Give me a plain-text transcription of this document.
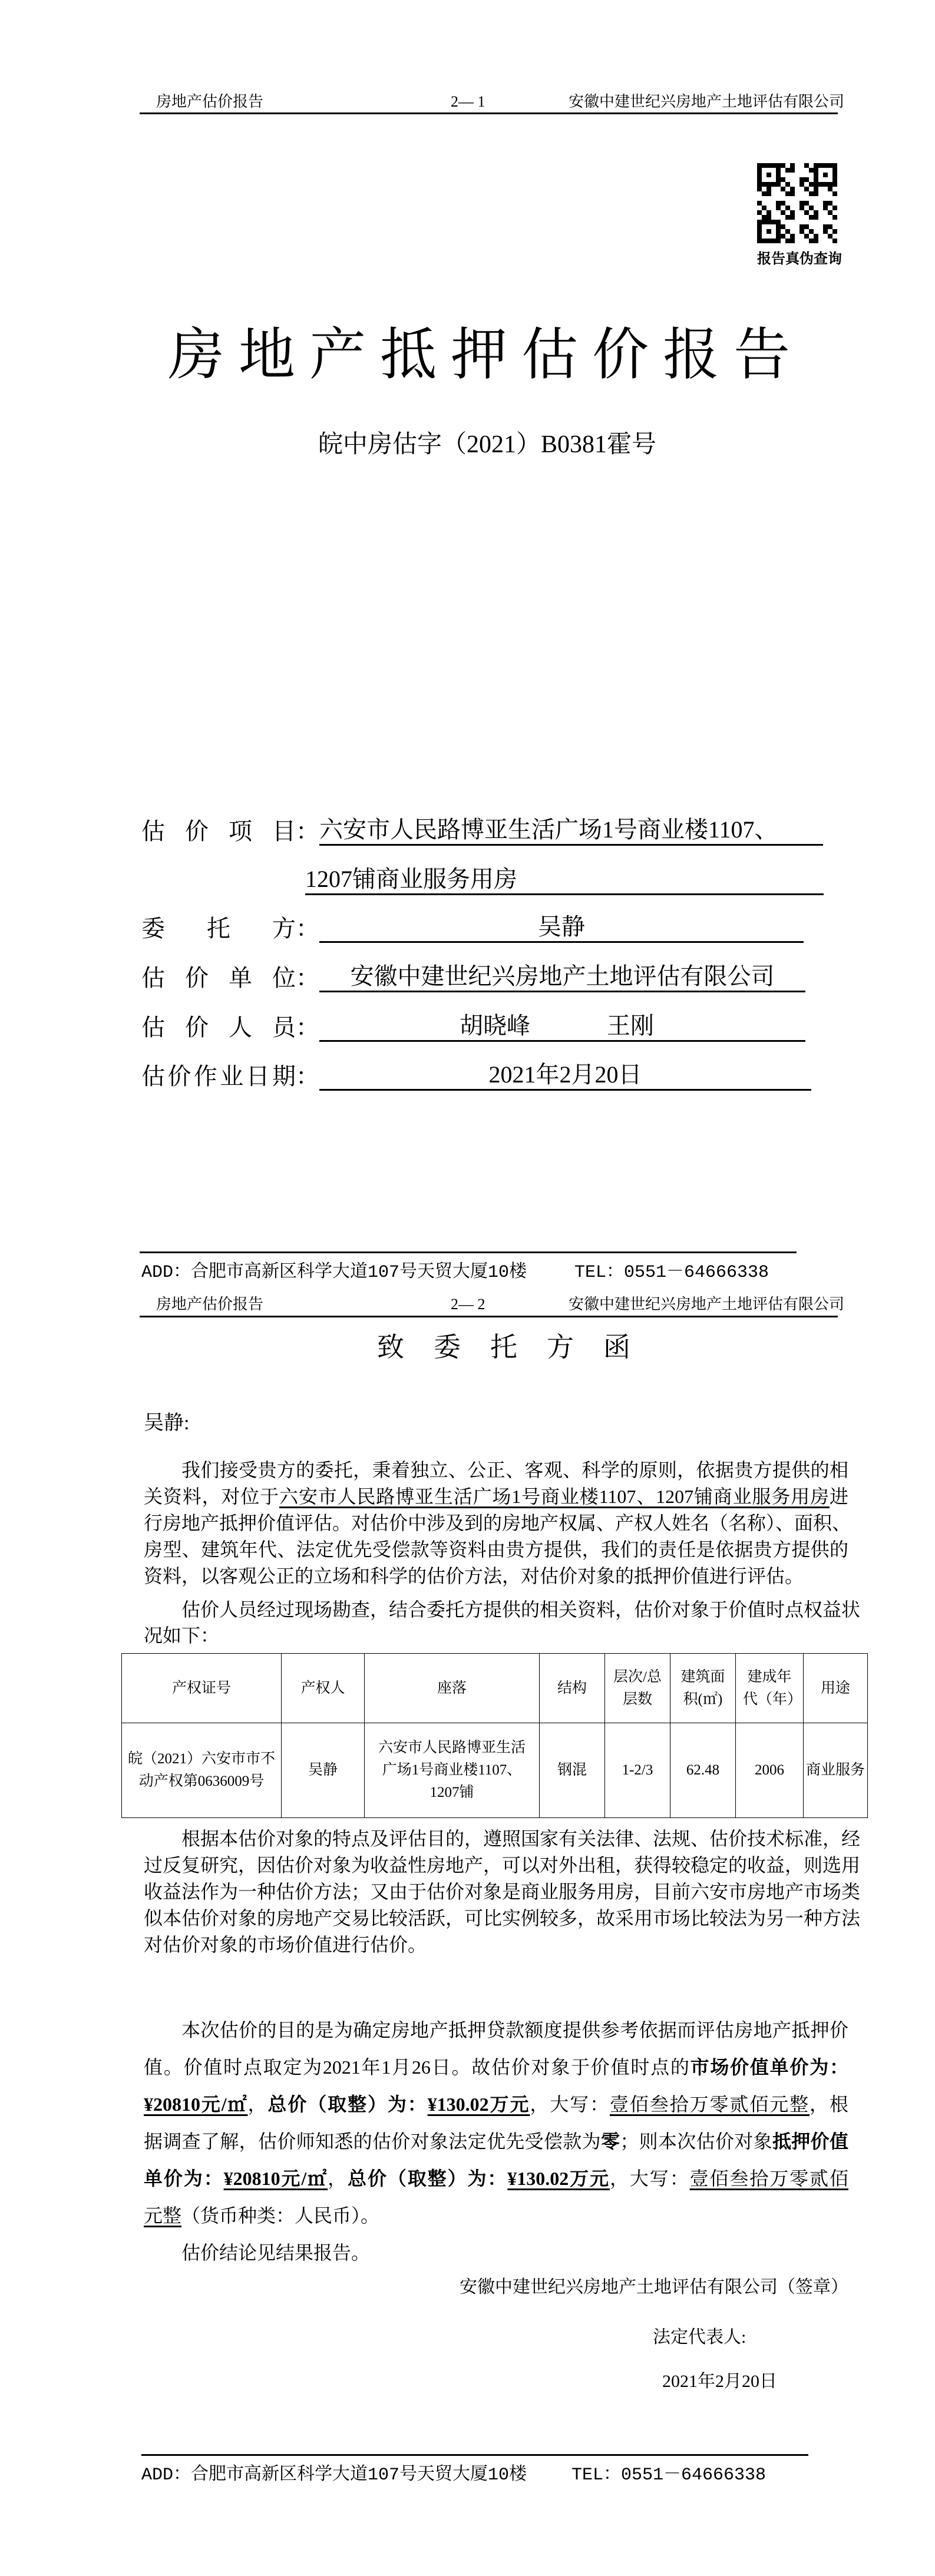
房地产估价报告	2— 1	安徽中建世纪兴房地产土地评估有限公司
报告真伪查询
房地产抵押估价报告
皖中房估字（2021）B0381霍号
估价项目 ： 六安市人民路博亚生活广场1号商业楼1107、
1207铺商业服务用房
委托方 ：	吴静
估价单位 ：	安徽中建世纪兴房地产土地评估有限公司
估价人员 ：	胡晓峰	王刚
估价作业日期 ：	2021年2月20日
ADD：合肥市高新区科学大道107号天贸大厦10楼	TEL：0551－64666338
房地产估价报告	2— 2	安徽中建世纪兴房地产土地评估有限公司
致委托方函
吴静:
我们接受贵方的委托，秉着独立、公正、客观、科学的原则，依据贵方提供的相
关资料，对位于六安市人民路博亚生活广场1号商业楼1107、1207铺商业服务用房进
行房地产抵押价值评估。对估价中涉及到的房地产权属、产权人姓名（名称）、面积、
房型、建筑年代、法定优先受偿款等资料由贵方提供，我们的责任是依据贵方提供的
资料，以客观公正的立场和科学的估价方法，对估价对象的抵押价值进行评估。
估价人员经过现场勘查，结合委托方提供的相关资料，估价对象于价值时点权益状
况如下：
产权证号	产权人	座落	结构	层次/总层数	建筑面积(㎡)	建成年代（年）	用途
皖（2021）六安市市不动产权第0636009号	吴静	六安市人民路博亚生活广场1号商业楼1107、1207铺	钢混	1-2/3	62.48	2006	商业服务
根据本估价对象的特点及评估目的，遵照国家有关法律、法规、估价技术标准，经
过反复研究，因估价对象为收益性房地产，可以对外出租，获得较稳定的收益，则选用
收益法作为一种估价方法；又由于估价对象是商业服务用房，目前六安市房地产市场类
似本估价对象的房地产交易比较活跃，可比实例较多，故采用市场比较法为另一种方法
对估价对象的市场价值进行估价。
本次估价的目的是为确定房地产抵押贷款额度提供参考依据而评估房地产抵押价
值。价值时点取定为2021年1月26日。故估价对象于价值时点的市场价值单价为：
¥20810元/㎡，总价（取整）为：¥130.02万元，大写：壹佰叁拾万零贰佰元整，根
据调查了解，估价师知悉的估价对象法定优先受偿款为零；则本次估价对象抵押价值
单价为：¥20810元/㎡，总价（取整）为：¥130.02万元，大写：壹佰叁拾万零贰佰
元整（货币种类：人民币）。
估价结论见结果报告。
安徽中建世纪兴房地产土地评估有限公司（签章）
法定代表人:
2021年2月20日
ADD：合肥市高新区科学大道107号天贸大厦10楼	TEL：0551－64666338
